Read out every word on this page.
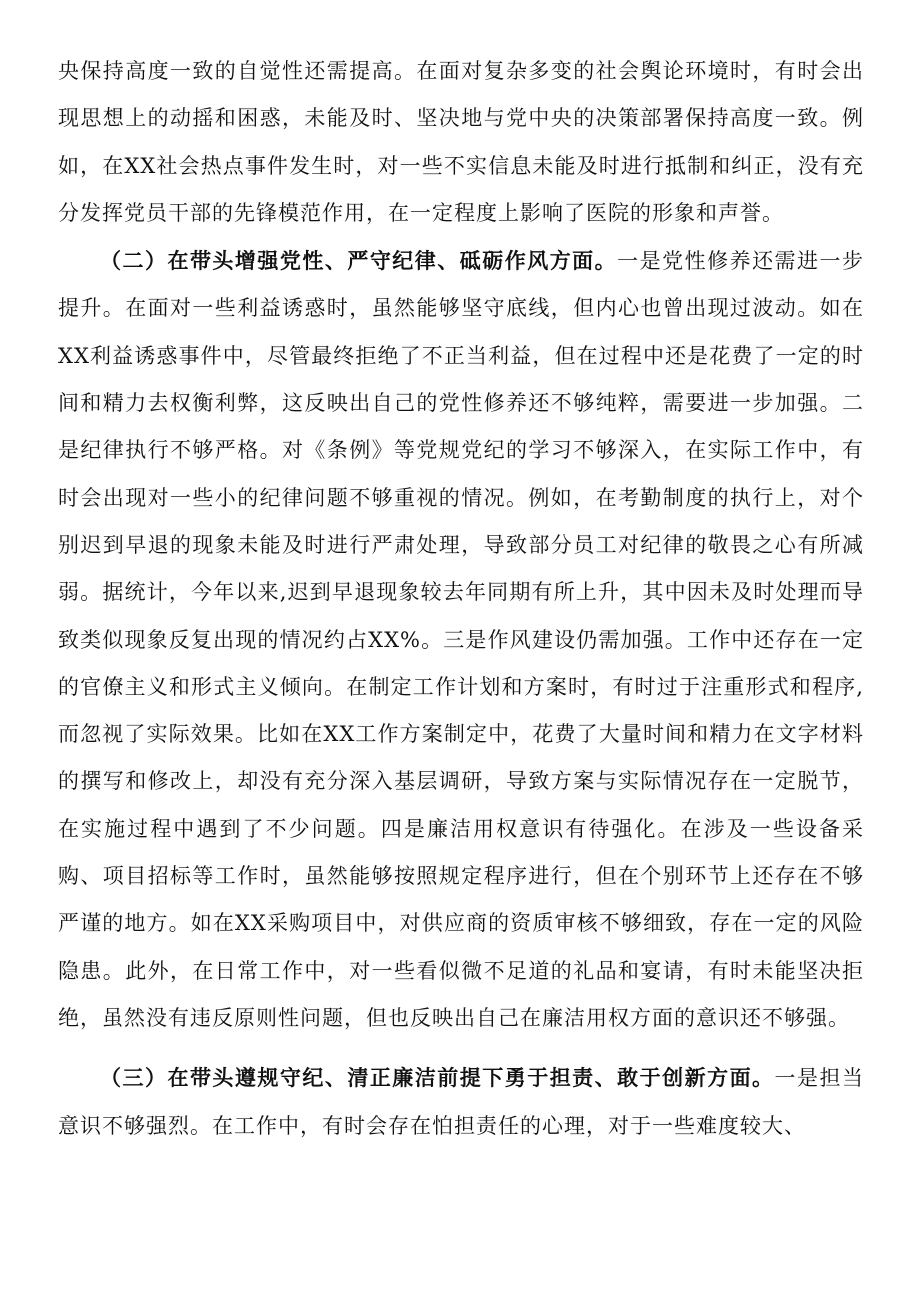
央保持高度一致的自觉性还需提高。在面对复杂多变的社会舆论环境时，有时会出现思想上的动摇和困惑，未能及时、坚决地与党中央的决策部署保持高度一致。例如，在XX社会热点事件发生时，对一些不实信息未能及时进行抵制和纠正，没有充分发挥党员干部的先锋模范作用，在一定程度上影响了医院的形象和声誉。

（二）在带头增强党性、严守纪律、砥砺作风方面。一是党性修养还需进一步提升。在面对一些利益诱惑时，虽然能够坚守底线，但内心也曾出现过波动。如在XX利益诱惑事件中，尽管最终拒绝了不正当利益，但在过程中还是花费了一定的时间和精力去权衡利弊，这反映出自己的党性修养还不够纯粹，需要进一步加强。二是纪律执行不够严格。对《条例》等党规党纪的学习不够深入，在实际工作中，有时会出现对一些小的纪律问题不够重视的情况。例如，在考勤制度的执行上，对个别迟到早退的现象未能及时进行严肃处理，导致部分员工对纪律的敬畏之心有所减弱。据统计，今年以来,迟到早退现象较去年同期有所上升，其中因未及时处理而导致类似现象反复出现的情况约占XX%。三是作风建设仍需加强。工作中还存在一定的官僚主义和形式主义倾向。在制定工作计划和方案时，有时过于注重形式和程序,而忽视了实际效果。比如在XX工作方案制定中，花费了大量时间和精力在文字材料的撰写和修改上，却没有充分深入基层调研，导致方案与实际情况存在一定脱节，在实施过程中遇到了不少问题。四是廉洁用权意识有待强化。在涉及一些设备采购、项目招标等工作时，虽然能够按照规定程序进行，但在个别环节上还存在不够严谨的地方。如在XX采购项目中，对供应商的资质审核不够细致，存在一定的风险隐患。此外，在日常工作中，对一些看似微不足道的礼品和宴请，有时未能坚决拒绝，虽然没有违反原则性问题，但也反映出自己在廉洁用权方面的意识还不够强。

（三）在带头遵规守纪、清正廉洁前提下勇于担责、敢于创新方面。一是担当意识不够强烈。在工作中，有时会存在怕担责任的心理，对于一些难度较大、
